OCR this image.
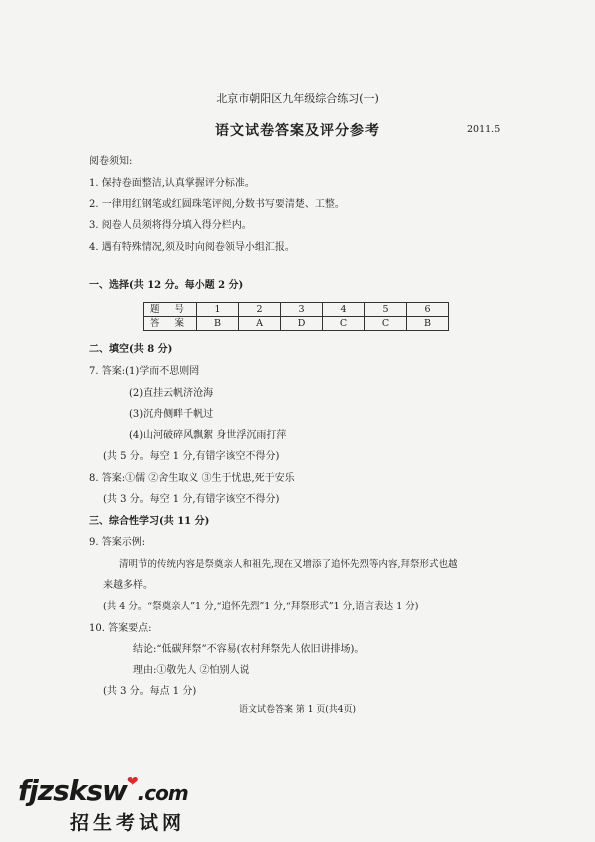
北京市朝阳区九年级综合练习(一)
语文试卷答案及评分参考	2011.5
阅卷须知:
1. 保持卷面整洁,认真掌握评分标准。
2. 一律用红钢笔或红圆珠笔评阅,分数书写要清楚、工整。
3. 阅卷人员须将得分填入得分栏内。
4. 遇有特殊情况,须及时向阅卷领导小组汇报。
一、选择(共 12 分。每小题 2 分)
题 号	1	2	3	4	5	6
答 案	B	A	D	C	C	B
二、填空(共 8 分)
7. 答案:(1)学而不思则罔
(2)直挂云帆济沧海
(3)沉舟侧畔千帆过
(4)山河破碎风飘絮 身世浮沉雨打萍
(共 5 分。每空 1 分,有错字该空不得分)
8. 答案:①儒 ②舍生取义 ③生于忧患,死于安乐
(共 3 分。每空 1 分,有错字该空不得分)
三、综合性学习(共 11 分)
9. 答案示例:
清明节的传统内容是祭奠亲人和祖先,现在又增添了追怀先烈等内容,拜祭形式也越
来越多样。
(共 4 分。“祭奠亲人”1 分,“追怀先烈”1 分,“拜祭形式”1 分,语言表达 1 分)
10. 答案要点:
结论:“低碳拜祭”不容易(农村拜祭先人依旧讲排场)。
理由:①敬先人 ②怕别人说
(共 3 分。每点 1 分)
语文试卷答案 第 1 页(共4页)
fjzsksw❤.com
招生考试网
